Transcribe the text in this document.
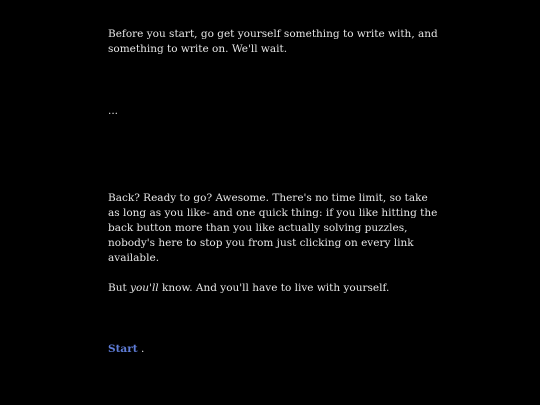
Before you start, go get yourself something to write with, and something to write on. We'll wait.

...

Back? Ready to go? Awesome. There's no time limit, so take as long as you like- and one quick thing: if you like hitting the back button more than you like actually solving puzzles, nobody's here to stop you from just clicking on every link available.

But you'll know. And you'll have to live with yourself.

Start .
